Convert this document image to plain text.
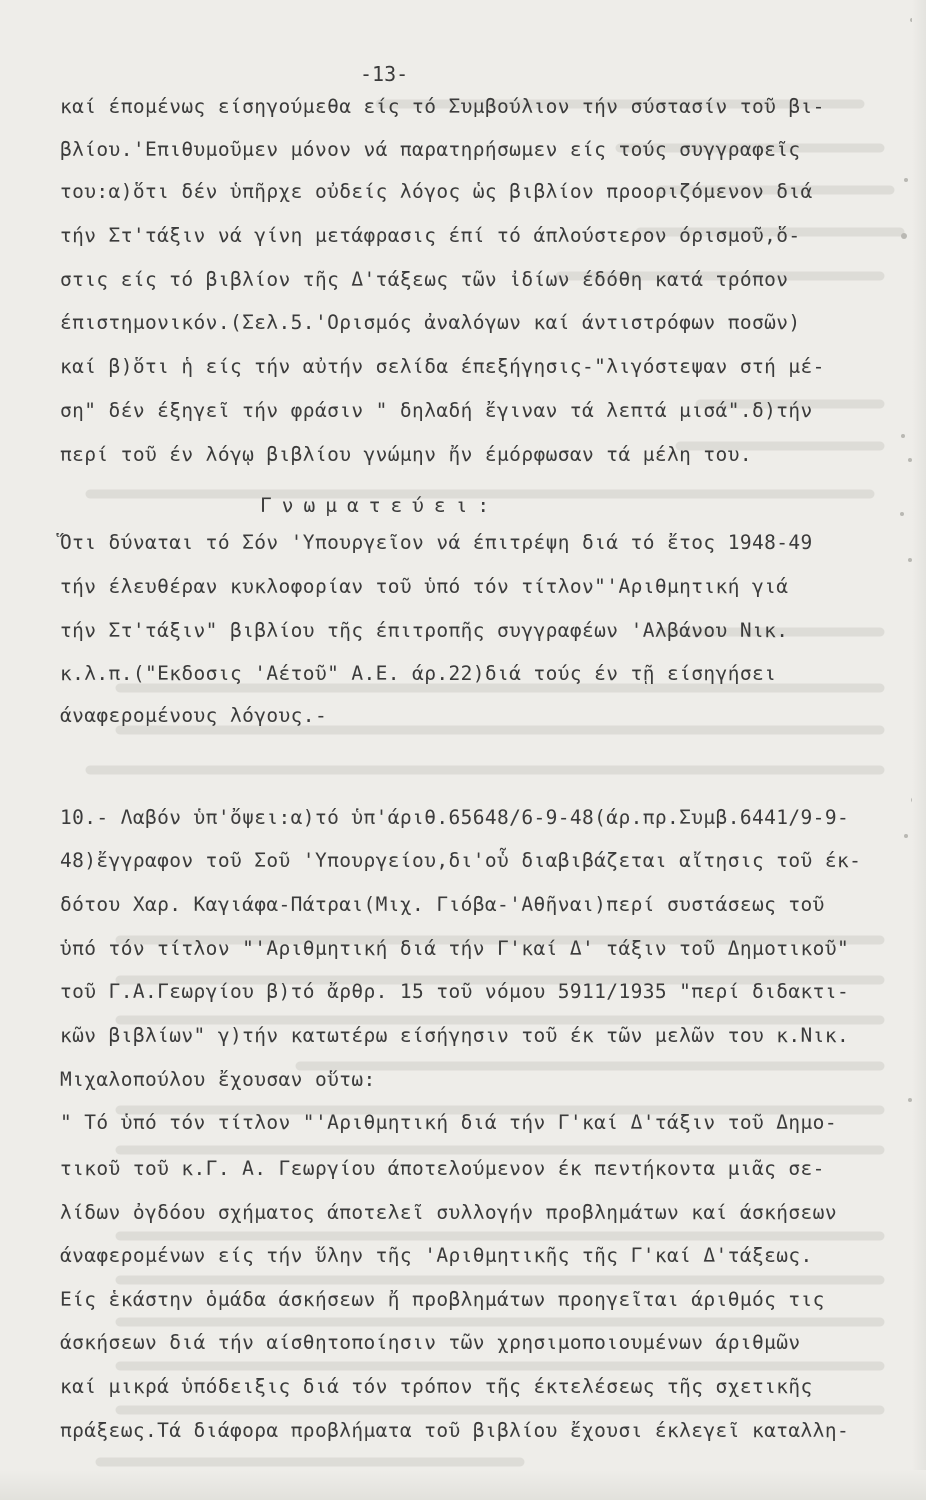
-13-
καί έπομένως είσηγούμεθα είς τό Συμβούλιον τήν σύστασίν τοῦ βι-
βλίου.'Επιθυμοῦμεν μόνον νά παρατηρήσωμεν είς τούς συγγραφεῖς
του:α)ὅτι δέν ὑπῆρχε οὐδείς λόγος ὡς βιβλίον προοριζόμενον διά
τήν Στ'τάξιν νά γίνη μετάφρασις έπί τό άπλούστερον όρισμοῦ,ὅ-
στις είς τό βιβλίον τῆς Δ'τάξεως τῶν ἰδίων έδόθη κατά τρόπον
έπιστημονικόν.(Σελ.5.'Ορισμός ἀναλόγων καί άντιστρόφων ποσῶν)
καί β)ὅτι ἡ είς τήν αὐτήν σελίδα έπεξήγησις-"λιγόστεψαν στή μέ-
ση" δέν έξηγεῖ τήν φράσιν " δηλαδή ἔγιναν τά λεπτά μισά".δ)τήν
περί τοῦ έν λόγῳ βιβλίου γνώμην ἤν έμόρφωσαν τά μέλη του.
Γνωματεύει:
Ὅτι δύναται τό Σόν 'Υπουργεῖον νά έπιτρέψη διά τό ἔτος 1948-49
τήν έλευθέραν κυκλοφορίαν τοῦ ὑπό τόν τίτλον"'Αριθμητική γιά
τήν Στ'τάξιν" βιβλίου τῆς έπιτροπῆς συγγραφέων 'Αλβάνου Νικ.
κ.λ.π.("Εκδοσις 'Αέτοῦ" Α.Ε. άρ.22)διά τούς έν τῇ είσηγήσει
άναφερομένους λόγους.-
10.- Λαβόν ὑπ'ὄψει:α)τό ὑπ'άριθ.65648/6-9-48(άρ.πρ.Συμβ.6441/9-9-
48)ἔγγραφον τοῦ Σοῦ 'Υπουργείου,δι'οὗ διαβιβάζεται αἴτησις τοῦ έκ-
δότου Χαρ. Καγιάφα-Πάτραι(Μιχ. Γιόβα-'Αθῆναι)περί συστάσεως τοῦ
ὑπό τόν τίτλον "'Αριθμητική διά τήν Γ'καί Δ' τάξιν τοῦ Δημοτικοῦ"
τοῦ Γ.Α.Γεωργίου β)τό ἄρθρ. 15 τοῦ νόμου 5911/1935 "περί διδακτι-
κῶν βιβλίων" γ)τήν κατωτέρω είσήγησιν τοῦ έκ τῶν μελῶν του κ.Νικ.
Μιχαλοπούλου ἔχουσαν οὕτω:
" Τό ὑπό τόν τίτλον "'Αριθμητική διά τήν Γ'καί Δ'τάξιν τοῦ Δημο-
τικοῦ τοῦ κ.Γ. Α. Γεωργίου άποτελούμενον έκ πεντήκοντα μιᾶς σε-
λίδων ὀγδόου σχήματος άποτελεῖ συλλογήν προβλημάτων καί άσκήσεων
άναφερομένων είς τήν ὕλην τῆς 'Αριθμητικῆς τῆς Γ'καί Δ'τάξεως.
Είς ἑκάστην ὁμάδα άσκήσεων ἤ προβλημάτων προηγεῖται άριθμός τις
άσκήσεων διά τήν αίσθητοποίησιν τῶν χρησιμοποιουμένων άριθμῶν
καί μικρά ὑπόδειξις διά τόν τρόπον τῆς έκτελέσεως τῆς σχετικῆς
πράξεως.Τά διάφορα προβλήματα τοῦ βιβλίου ἔχουσι έκλεγεῖ καταλλη-
